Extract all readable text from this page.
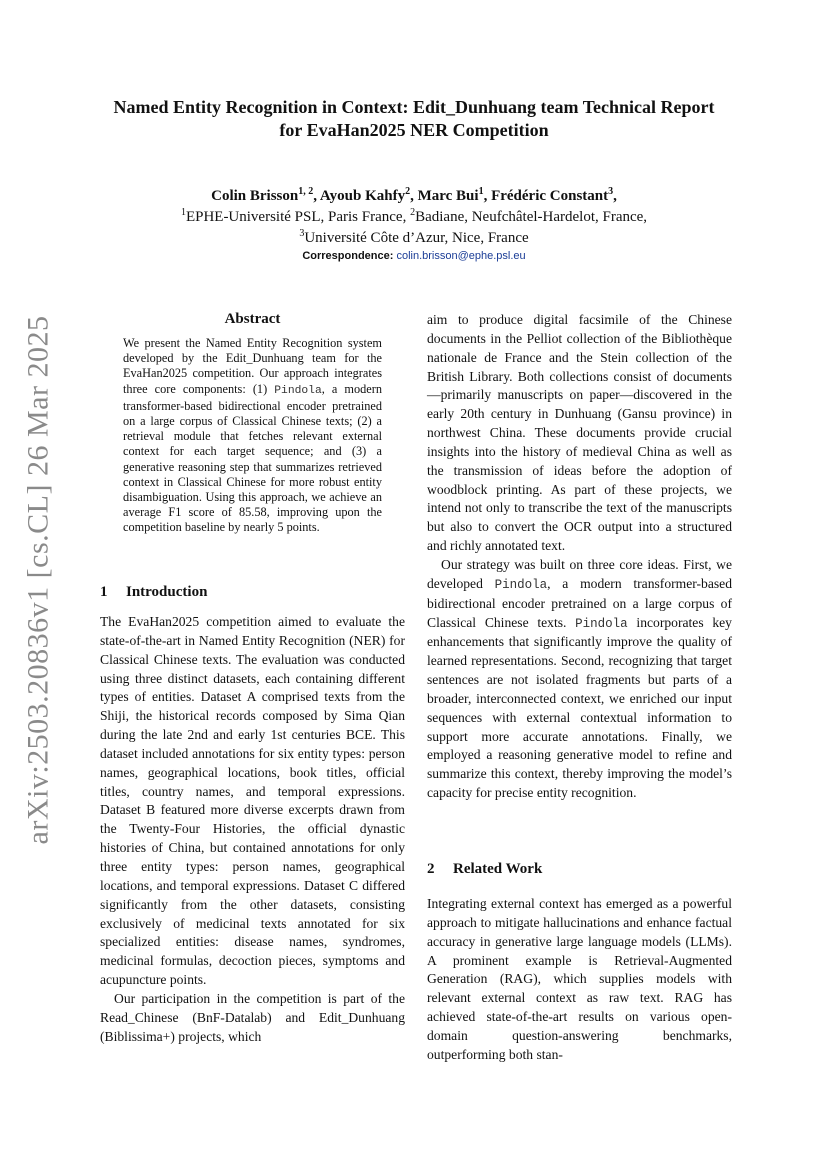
arXiv:2503.20836v1 [cs.CL] 26 Mar 2025
Named Entity Recognition in Context: Edit_Dunhuang team Technical Report for EvaHan2025 NER Competition
Colin Brisson$^{1, 2}$, Ayoub Kahfy$^2$, Marc Bui$^1$, Frédéric Constant$^3$,
$^1$EPHE-Université PSL, Paris France, $^2$Badiane, Neufchâtel-Hardelot, France,
$^3$Université Côte d’Azur, Nice, France
Correspondence: colin.brisson@ephe.psl.eu
Abstract
We present the Named Entity Recognition system developed by the Edit_Dunhuang team for the EvaHan2025 competition. Our approach integrates three core components: (1) Pindola, a modern transformer-based bidirectional encoder pretrained on a large corpus of Classical Chinese texts; (2) a retrieval module that fetches relevant external context for each target sequence; and (3) a generative reasoning step that summarizes retrieved context in Classical Chinese for more robust entity disambiguation. Using this approach, we achieve an average F1 score of 85.58, improving upon the competition baseline by nearly 5 points.
1 Introduction

The EvaHan2025 competition aimed to evaluate the state-of-the-art in Named Entity Recognition (NER) for Classical Chinese texts. The evaluation was conducted using three distinct datasets, each containing different types of entities. Dataset A comprised texts from the Shiji, the historical records composed by Sima Qian during the late 2nd and early 1st centuries BCE. This dataset included annotations for six entity types: person names, geographical locations, book titles, official titles, country names, and temporal expressions. Dataset B featured more diverse excerpts drawn from the Twenty-Four Histories, the official dynastic histories of China, but contained annotations for only three entity types: person names, geographical locations, and temporal expressions. Dataset C differed significantly from the other datasets, consisting exclusively of medicinal texts annotated for six specialized entities: disease names, syndromes, medicinal formulas, decoction pieces, symptoms and acupuncture points.

Our participation in the competition is part of the Read_Chinese (BnF-Datalab) and Edit_Dunhuang (Biblissima+) projects, which

aim to produce digital facsimile of the Chinese documents in the Pelliot collection of the Bibliothèque nationale de France and the Stein collection of the British Library. Both collections consist of documents—primarily manuscripts on paper—discovered in the early 20th century in Dunhuang (Gansu province) in northwest China. These documents provide crucial insights into the history of medieval China as well as the transmission of ideas before the adoption of woodblock printing. As part of these projects, we intend not only to transcribe the text of the manuscripts but also to convert the OCR output into a structured and richly annotated text.

Our strategy was built on three core ideas. First, we developed Pindola, a modern transformer-based bidirectional encoder pretrained on a large corpus of Classical Chinese texts. Pindola incorporates key enhancements that significantly improve the quality of learned representations. Second, recognizing that target sentences are not isolated fragments but parts of a broader, interconnected context, we enriched our input sequences with external contextual information to support more accurate annotations. Finally, we employed a reasoning generative model to refine and summarize this context, thereby improving the model’s capacity for precise entity recognition.

2 Related Work

Integrating external context has emerged as a powerful approach to mitigate hallucinations and enhance factual accuracy in generative large language models (LLMs). A prominent example is Retrieval-Augmented Generation (RAG), which supplies models with relevant external context as raw text. RAG has achieved state-of-the-art results on various open-domain question-answering benchmarks, outperforming both stan-
